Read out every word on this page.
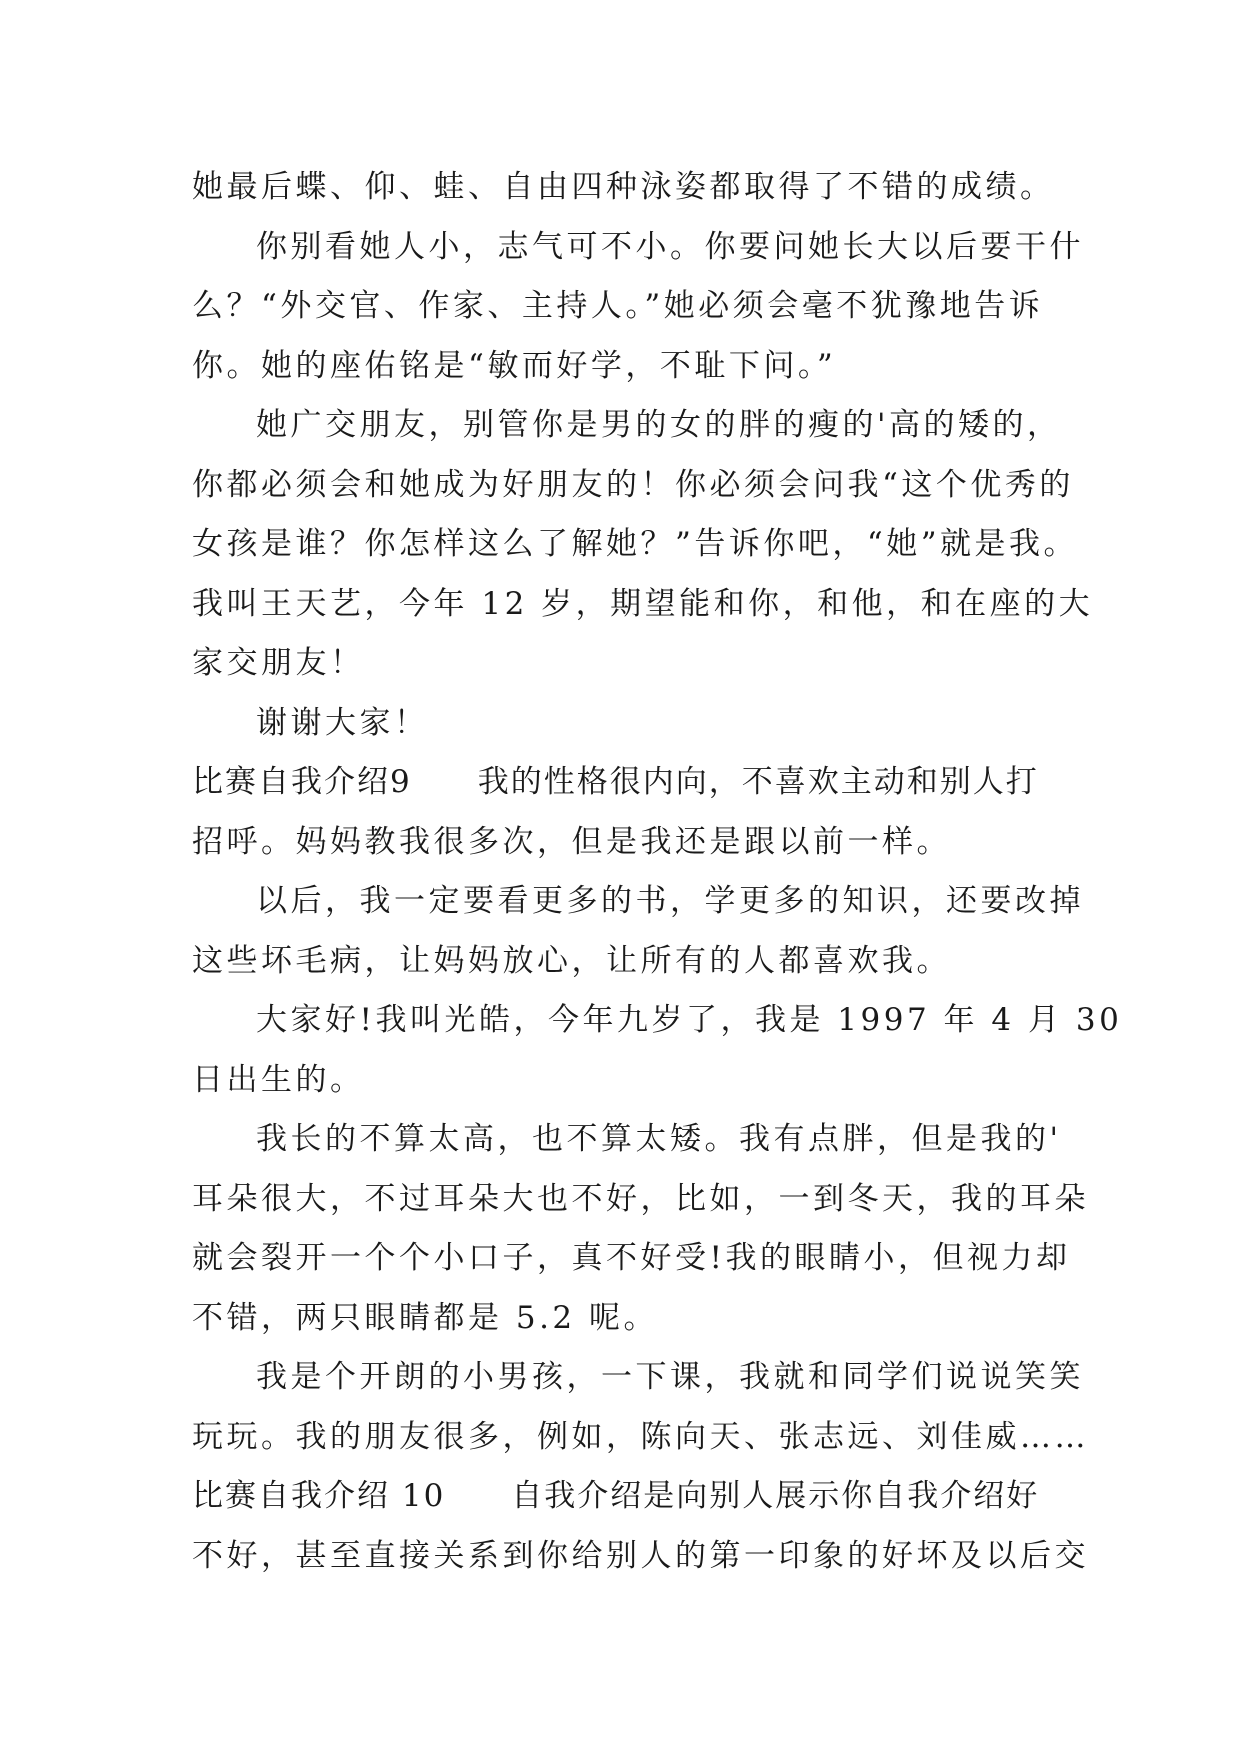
她最后蝶、仰、蛙、自由四种泳姿都取得了不错的成绩。
你别看她人小，志气可不小。你要问她长大以后要干什
么？“外交官、作家、主持人。”她必须会毫不犹豫地告诉
你。她的座佑铭是“敏而好学，不耻下问。”
她广交朋友，别管你是男的女的胖的瘦的'高的矮的，
你都必须会和她成为好朋友的！你必须会问我“这个优秀的
女孩是谁？你怎样这么了解她？”告诉你吧，“她”就是我。
我叫王天艺，今年 12 岁，期望能和你，和他，和在座的大
家交朋友！
谢谢大家！
比赛自我介绍9　　我的性格很内向，不喜欢主动和别人打
招呼。妈妈教我很多次，但是我还是跟以前一样。
以后，我一定要看更多的书，学更多的知识，还要改掉
这些坏毛病，让妈妈放心，让所有的人都喜欢我。
大家好!我叫光皓，今年九岁了，我是 1997 年 4 月 30
日出生的。
我长的不算太高，也不算太矮。我有点胖，但是我的'
耳朵很大，不过耳朵大也不好，比如，一到冬天，我的耳朵
就会裂开一个个小口子，真不好受!我的眼睛小，但视力却
不错，两只眼睛都是 5.2 呢。
我是个开朗的小男孩，一下课，我就和同学们说说笑笑
玩玩。我的朋友很多，例如，陈向天、张志远、刘佳威……
比赛自我介绍 10　　自我介绍是向别人展示你自我介绍好
不好，甚至直接关系到你给别人的第一印象的好坏及以后交
